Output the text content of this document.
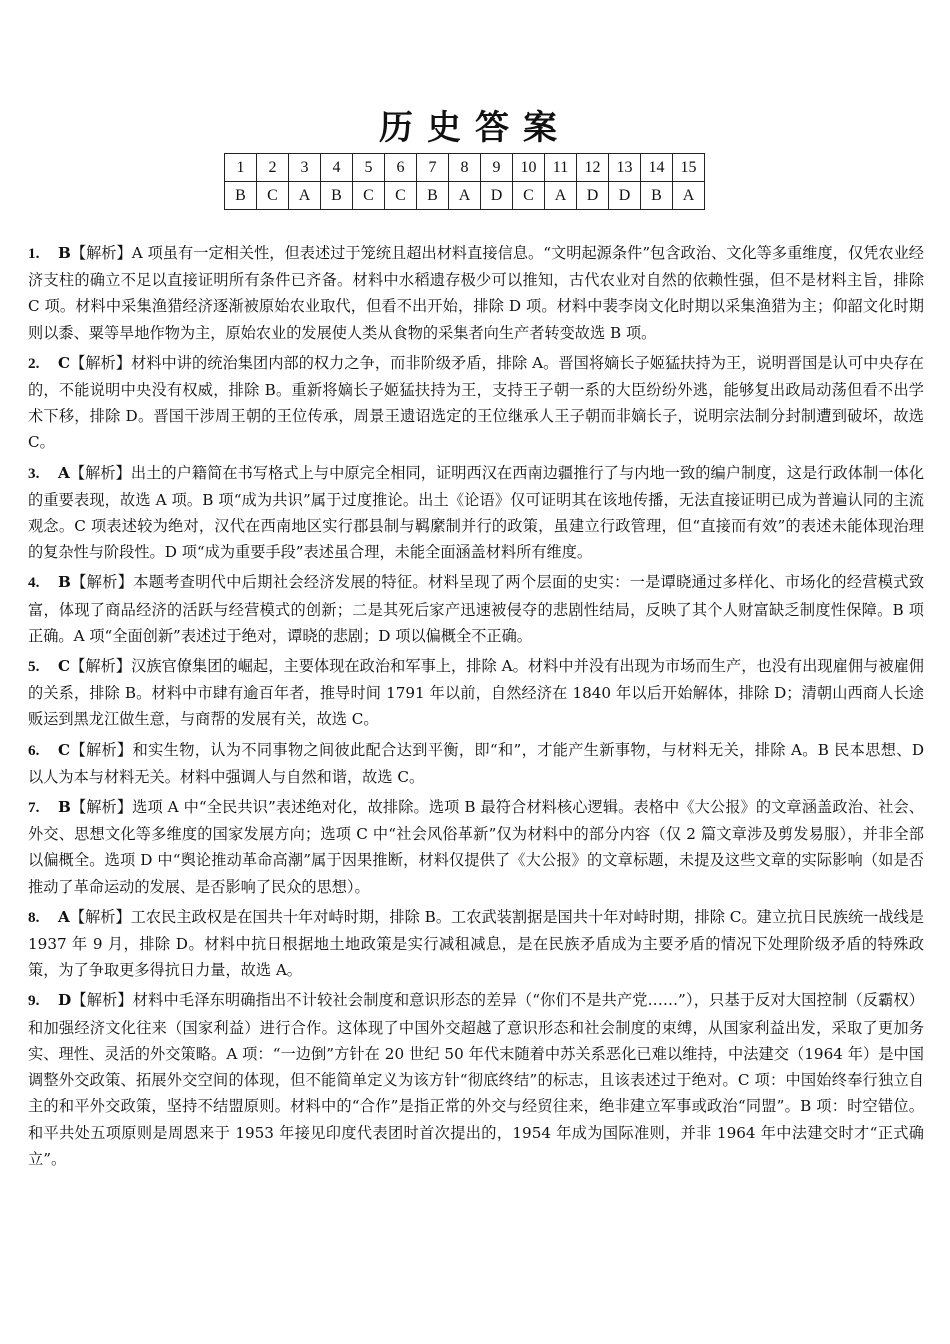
历史答案
1	2	3	4	5	6	7	8	9	10	11	12	13	14	15
B	C	A	B	C	C	B	A	D	C	A	D	D	B	A

1. B【解析】A 项虽有一定相关性，但表述过于笼统且超出材料直接信息。“文明起源条件”包含政治、文化等多重维度，仅凭农业经济支柱的确立不足以直接证明所有条件已齐备。材料中水稻遗存极少可以推知，古代农业对自然的依赖性强，但不是材料主旨，排除 C 项。材料中采集渔猎经济逐渐被原始农业取代，但看不出开始，排除 D 项。材料中裴李岗文化时期以采集渔猎为主；仰韶文化时期则以黍、粟等旱地作物为主，原始农业的发展使人类从食物的采集者向生产者转变故选 B 项。

2. C【解析】材料中讲的统治集团内部的权力之争，而非阶级矛盾，排除 A。晋国将嫡长子姬猛扶持为王，说明晋国是认可中央存在的，不能说明中央没有权威，排除 B。重新将嫡长子姬猛扶持为王，支持王子朝一系的大臣纷纷外逃，能够复出政局动荡但看不出学术下移，排除 D。晋国干涉周王朝的王位传承，周景王遗诏选定的王位继承人王子朝而非嫡长子，说明宗法制分封制遭到破坏，故选 C。

3. A【解析】出土的户籍简在书写格式上与中原完全相同，证明西汉在西南边疆推行了与内地一致的编户制度，这是行政体制一体化的重要表现，故选 A 项。B 项“成为共识”属于过度推论。出土《论语》仅可证明其在该地传播，无法直接证明已成为普遍认同的主流观念。C 项表述较为绝对，汉代在西南地区实行郡县制与羁縻制并行的政策，虽建立行政管理，但“直接而有效”的表述未能体现治理的复杂性与阶段性。D 项“成为重要手段”表述虽合理，未能全面涵盖材料所有维度。

4. B【解析】本题考查明代中后期社会经济发展的特征。材料呈现了两个层面的史实：一是谭晓通过多样化、市场化的经营模式致富，体现了商品经济的活跃与经营模式的创新；二是其死后家产迅速被侵夺的悲剧性结局，反映了其个人财富缺乏制度性保障。B 项正确。A 项“全面创新”表述过于绝对，谭晓的悲剧；D 项以偏概全不正确。

5. C【解析】汉族官僚集团的崛起，主要体现在政治和军事上，排除 A。材料中并没有出现为市场而生产，也没有出现雇佣与被雇佣的关系，排除 B。材料中市肆有逾百年者，推导时间 1791 年以前，自然经济在 1840 年以后开始解体，排除 D；清朝山西商人长途贩运到黑龙江做生意，与商帮的发展有关，故选 C。

6. C【解析】和实生物，认为不同事物之间彼此配合达到平衡，即“和”，才能产生新事物，与材料无关，排除 A。B 民本思想、D 以人为本与材料无关。材料中强调人与自然和谐，故选 C。

7. B【解析】选项 A 中“全民共识”表述绝对化，故排除。选项 B 最符合材料核心逻辑。表格中《大公报》的文章涵盖政治、社会、外交、思想文化等多维度的国家发展方向；选项 C 中“社会风俗革新”仅为材料中的部分内容（仅 2 篇文章涉及剪发易服），并非全部以偏概全。选项 D 中“舆论推动革命高潮”属于因果推断，材料仅提供了《大公报》的文章标题，未提及这些文章的实际影响（如是否推动了革命运动的发展、是否影响了民众的思想）。

8. A【解析】工农民主政权是在国共十年对峙时期，排除 B。工农武装割据是国共十年对峙时期，排除 C。建立抗日民族统一战线是 1937 年 9 月，排除 D。材料中抗日根据地土地政策是实行减租减息，是在民族矛盾成为主要矛盾的情况下处理阶级矛盾的特殊政策，为了争取更多得抗日力量，故选 A。

9. D【解析】材料中毛泽东明确指出不计较社会制度和意识形态的差异（“你们不是共产党……”），只基于反对大国控制（反霸权）和加强经济文化往来（国家利益）进行合作。这体现了中国外交超越了意识形态和社会制度的束缚，从国家利益出发，采取了更加务实、理性、灵活的外交策略。A 项：“一边倒”方针在 20 世纪 50 年代末随着中苏关系恶化已难以维持，中法建交（1964 年）是中国调整外交政策、拓展外交空间的体现，但不能简单定义为该方针“彻底终结”的标志，且该表述过于绝对。C 项：中国始终奉行独立自主的和平外交政策，坚持不结盟原则。材料中的“合作”是指正常的外交与经贸往来，绝非建立军事或政治“同盟”。B 项：时空错位。和平共处五项原则是周恩来于 1953 年接见印度代表团时首次提出的，1954 年成为国际准则，并非 1964 年中法建交时才“正式确立”。
